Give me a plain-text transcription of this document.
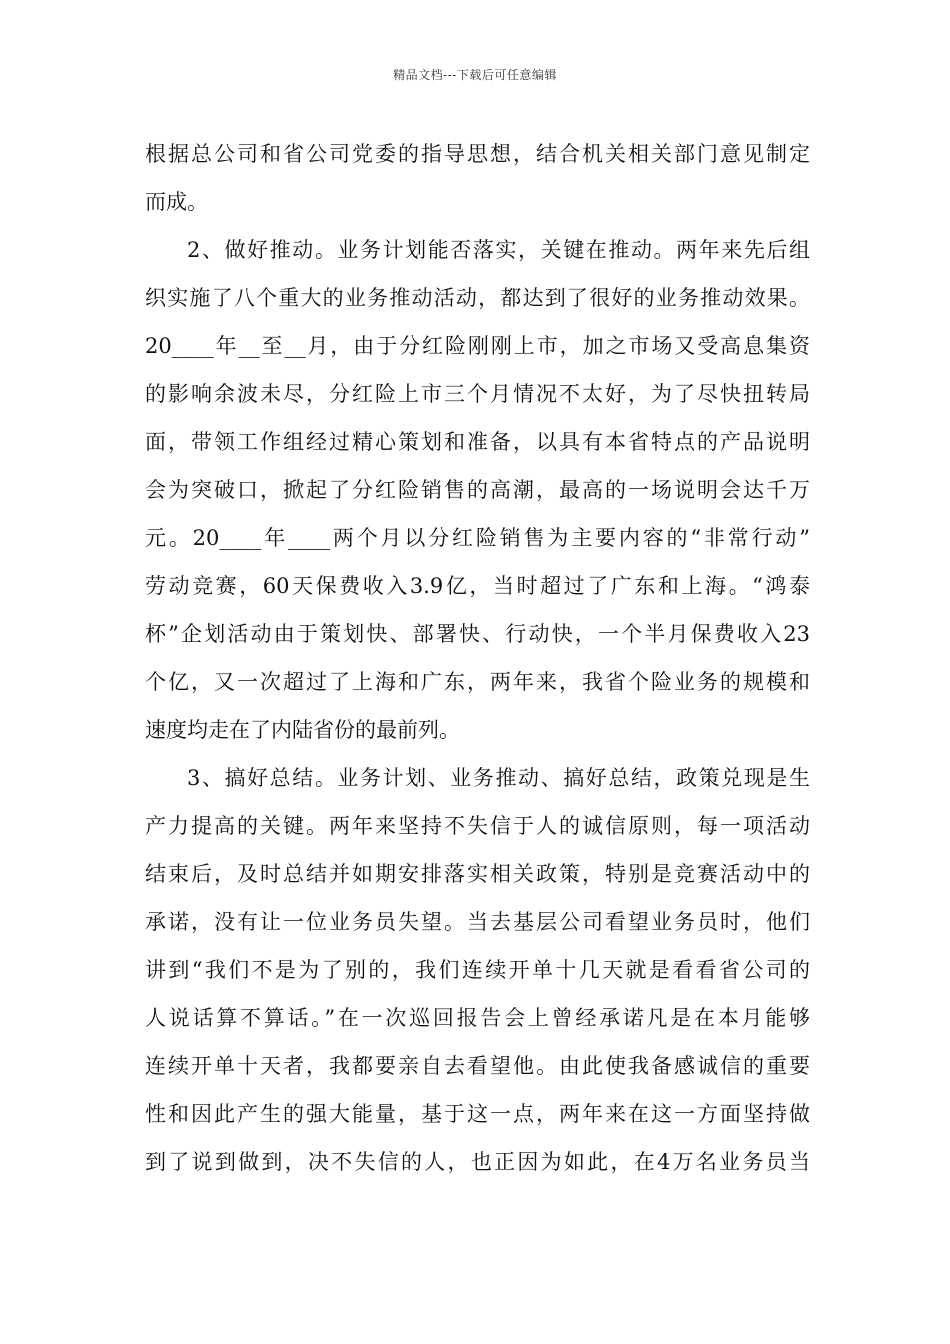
精品文档---下载后可任意编辑
根据总公司和省公司党委的指导思想，结合机关相关部门意见制定
而成。
2、做好推动。业务计划能否落实，关键在推动。两年来先后组
织实施了八个重大的业务推动活动，都达到了很好的业务推动效果。
20____年__至__月，由于分红险刚刚上市，加之市场又受高息集资
的影响余波未尽，分红险上市三个月情况不太好，为了尽快扭转局
面，带领工作组经过精心策划和准备，以具有本省特点的产品说明
会为突破口，掀起了分红险销售的高潮，最高的一场说明会达千万
元。20____年____两个月以分红险销售为主要内容的“非常行动”
劳动竞赛，60天保费收入3.9亿，当时超过了广东和上海。“鸿泰
杯”企划活动由于策划快、部署快、行动快，一个半月保费收入23
个亿，又一次超过了上海和广东，两年来，我省个险业务的规模和
速度均走在了内陆省份的最前列。
3、搞好总结。业务计划、业务推动、搞好总结，政策兑现是生
产力提高的关键。两年来坚持不失信于人的诚信原则，每一项活动
结束后，及时总结并如期安排落实相关政策，特别是竞赛活动中的
承诺，没有让一位业务员失望。当去基层公司看望业务员时，他们
讲到“我们不是为了别的，我们连续开单十几天就是看看省公司的
人说话算不算话。”在一次巡回报告会上曾经承诺凡是在本月能够
连续开单十天者，我都要亲自去看望他。由此使我备感诚信的重要
性和因此产生的强大能量，基于这一点，两年来在这一方面坚持做
到了说到做到，决不失信的人，也正因为如此，在4万名业务员当
